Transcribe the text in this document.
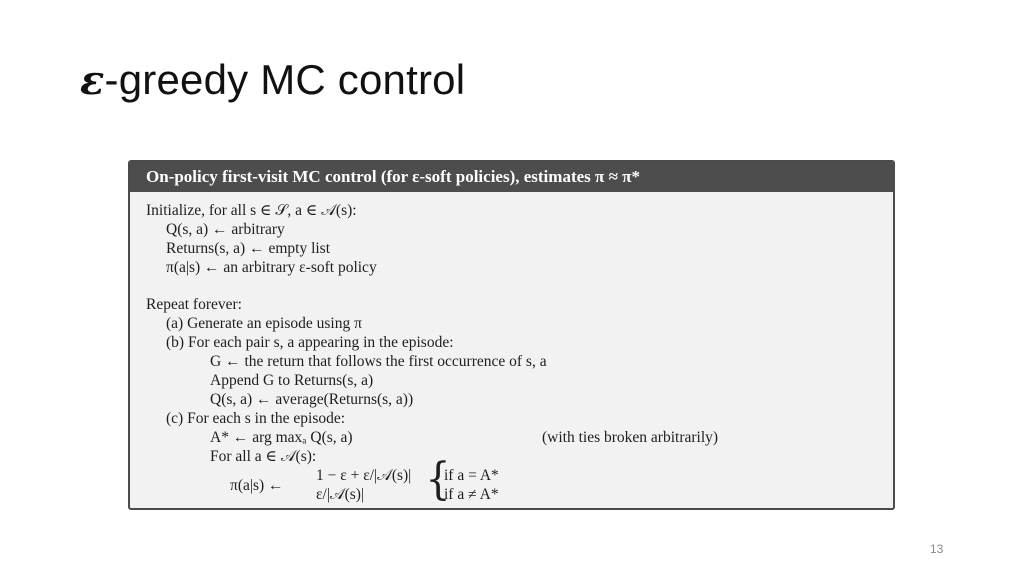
ε-greedy MC control
On-policy first-visit MC control (for ε-soft policies), estimates π ≈ π*
Initialize, for all s ∈ 𝒮, a ∈ 𝒜(s):
Q(s, a) ← arbitrary
Returns(s, a) ← empty list
π(a|s) ← an arbitrary ε-soft policy
Repeat forever:
(a) Generate an episode using π
(b) For each pair s, a appearing in the episode:
G ← the return that follows the first occurrence of s, a
Append G to Returns(s, a)
Q(s, a) ← average(Returns(s, a))
(c) For each s in the episode:
A* ← arg maxₐ Q(s, a)	(with ties broken arbitrarily)
For all a ∈ 𝒜(s):
π(a|s) ←	{
1 − ε + ε/|𝒜(s)| if a = A*
ε/|𝒜(s)|	if a ≠ A*
13
